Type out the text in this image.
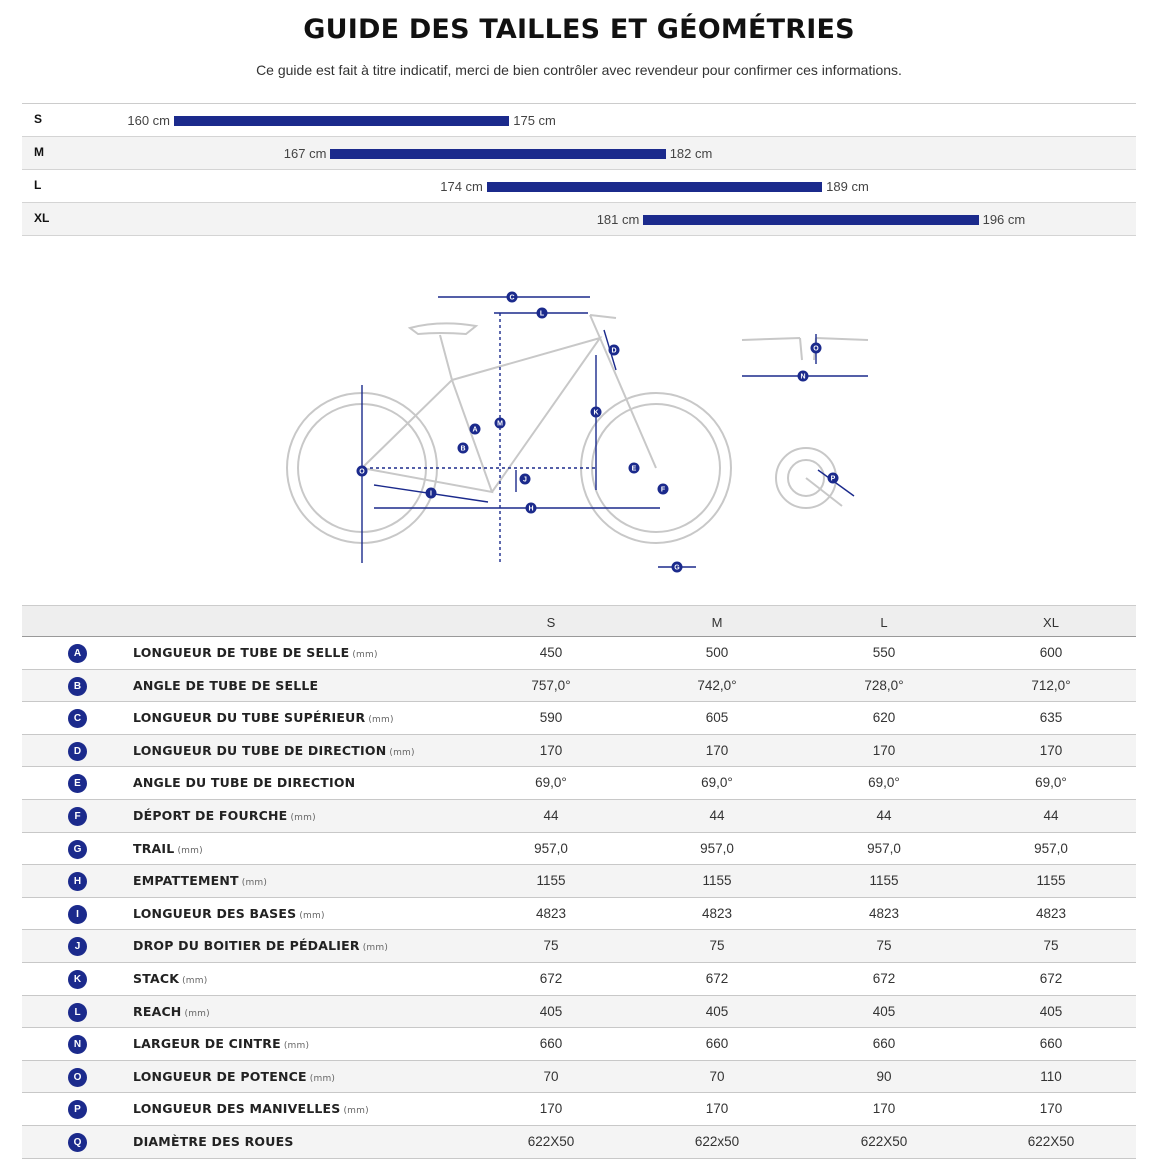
GUIDE DES TAILLES ET GÉOMÉTRIES
Ce guide est fait à titre indicatif, merci de bien contrôler avec revendeur pour confirmer ces informations.
S	160 cm	175 cm
M	167 cm	182 cm
L	174 cm	189 cm
XL	181 cm	196 cm
C
L
D
M
K
A
B
O
J
E
F
I
H
G
O
N
P
S	M	L	XL
A	LONGUEUR DE TUBE DE SELLE (mm)	450	500	550	600
B	ANGLE DE TUBE DE SELLE	757,0°	742,0°	728,0°	712,0°
C	LONGUEUR DU TUBE SUPÉRIEUR (mm)	590	605	620	635
D	LONGUEUR DU TUBE DE DIRECTION (mm)	170	170	170	170
E	ANGLE DU TUBE DE DIRECTION	69,0°	69,0°	69,0°	69,0°
F	DÉPORT DE FOURCHE (mm)	44	44	44	44
G	TRAIL (mm)	957,0	957,0	957,0	957,0
H	EMPATTEMENT (mm)	1155	1155	1155	1155
I	LONGUEUR DES BASES (mm)	4823	4823	4823	4823
J	DROP DU BOITIER DE PÉDALIER (mm)	75	75	75	75
K	STACK (mm)	672	672	672	672
L	REACH (mm)	405	405	405	405
N	LARGEUR DE CINTRE (mm)	660	660	660	660
O	LONGUEUR DE POTENCE (mm)	70	70	90	110
P	LONGUEUR DES MANIVELLES (mm)	170	170	170	170
Q	DIAMÈTRE DES ROUES	622X50	622x50	622X50	622X50
